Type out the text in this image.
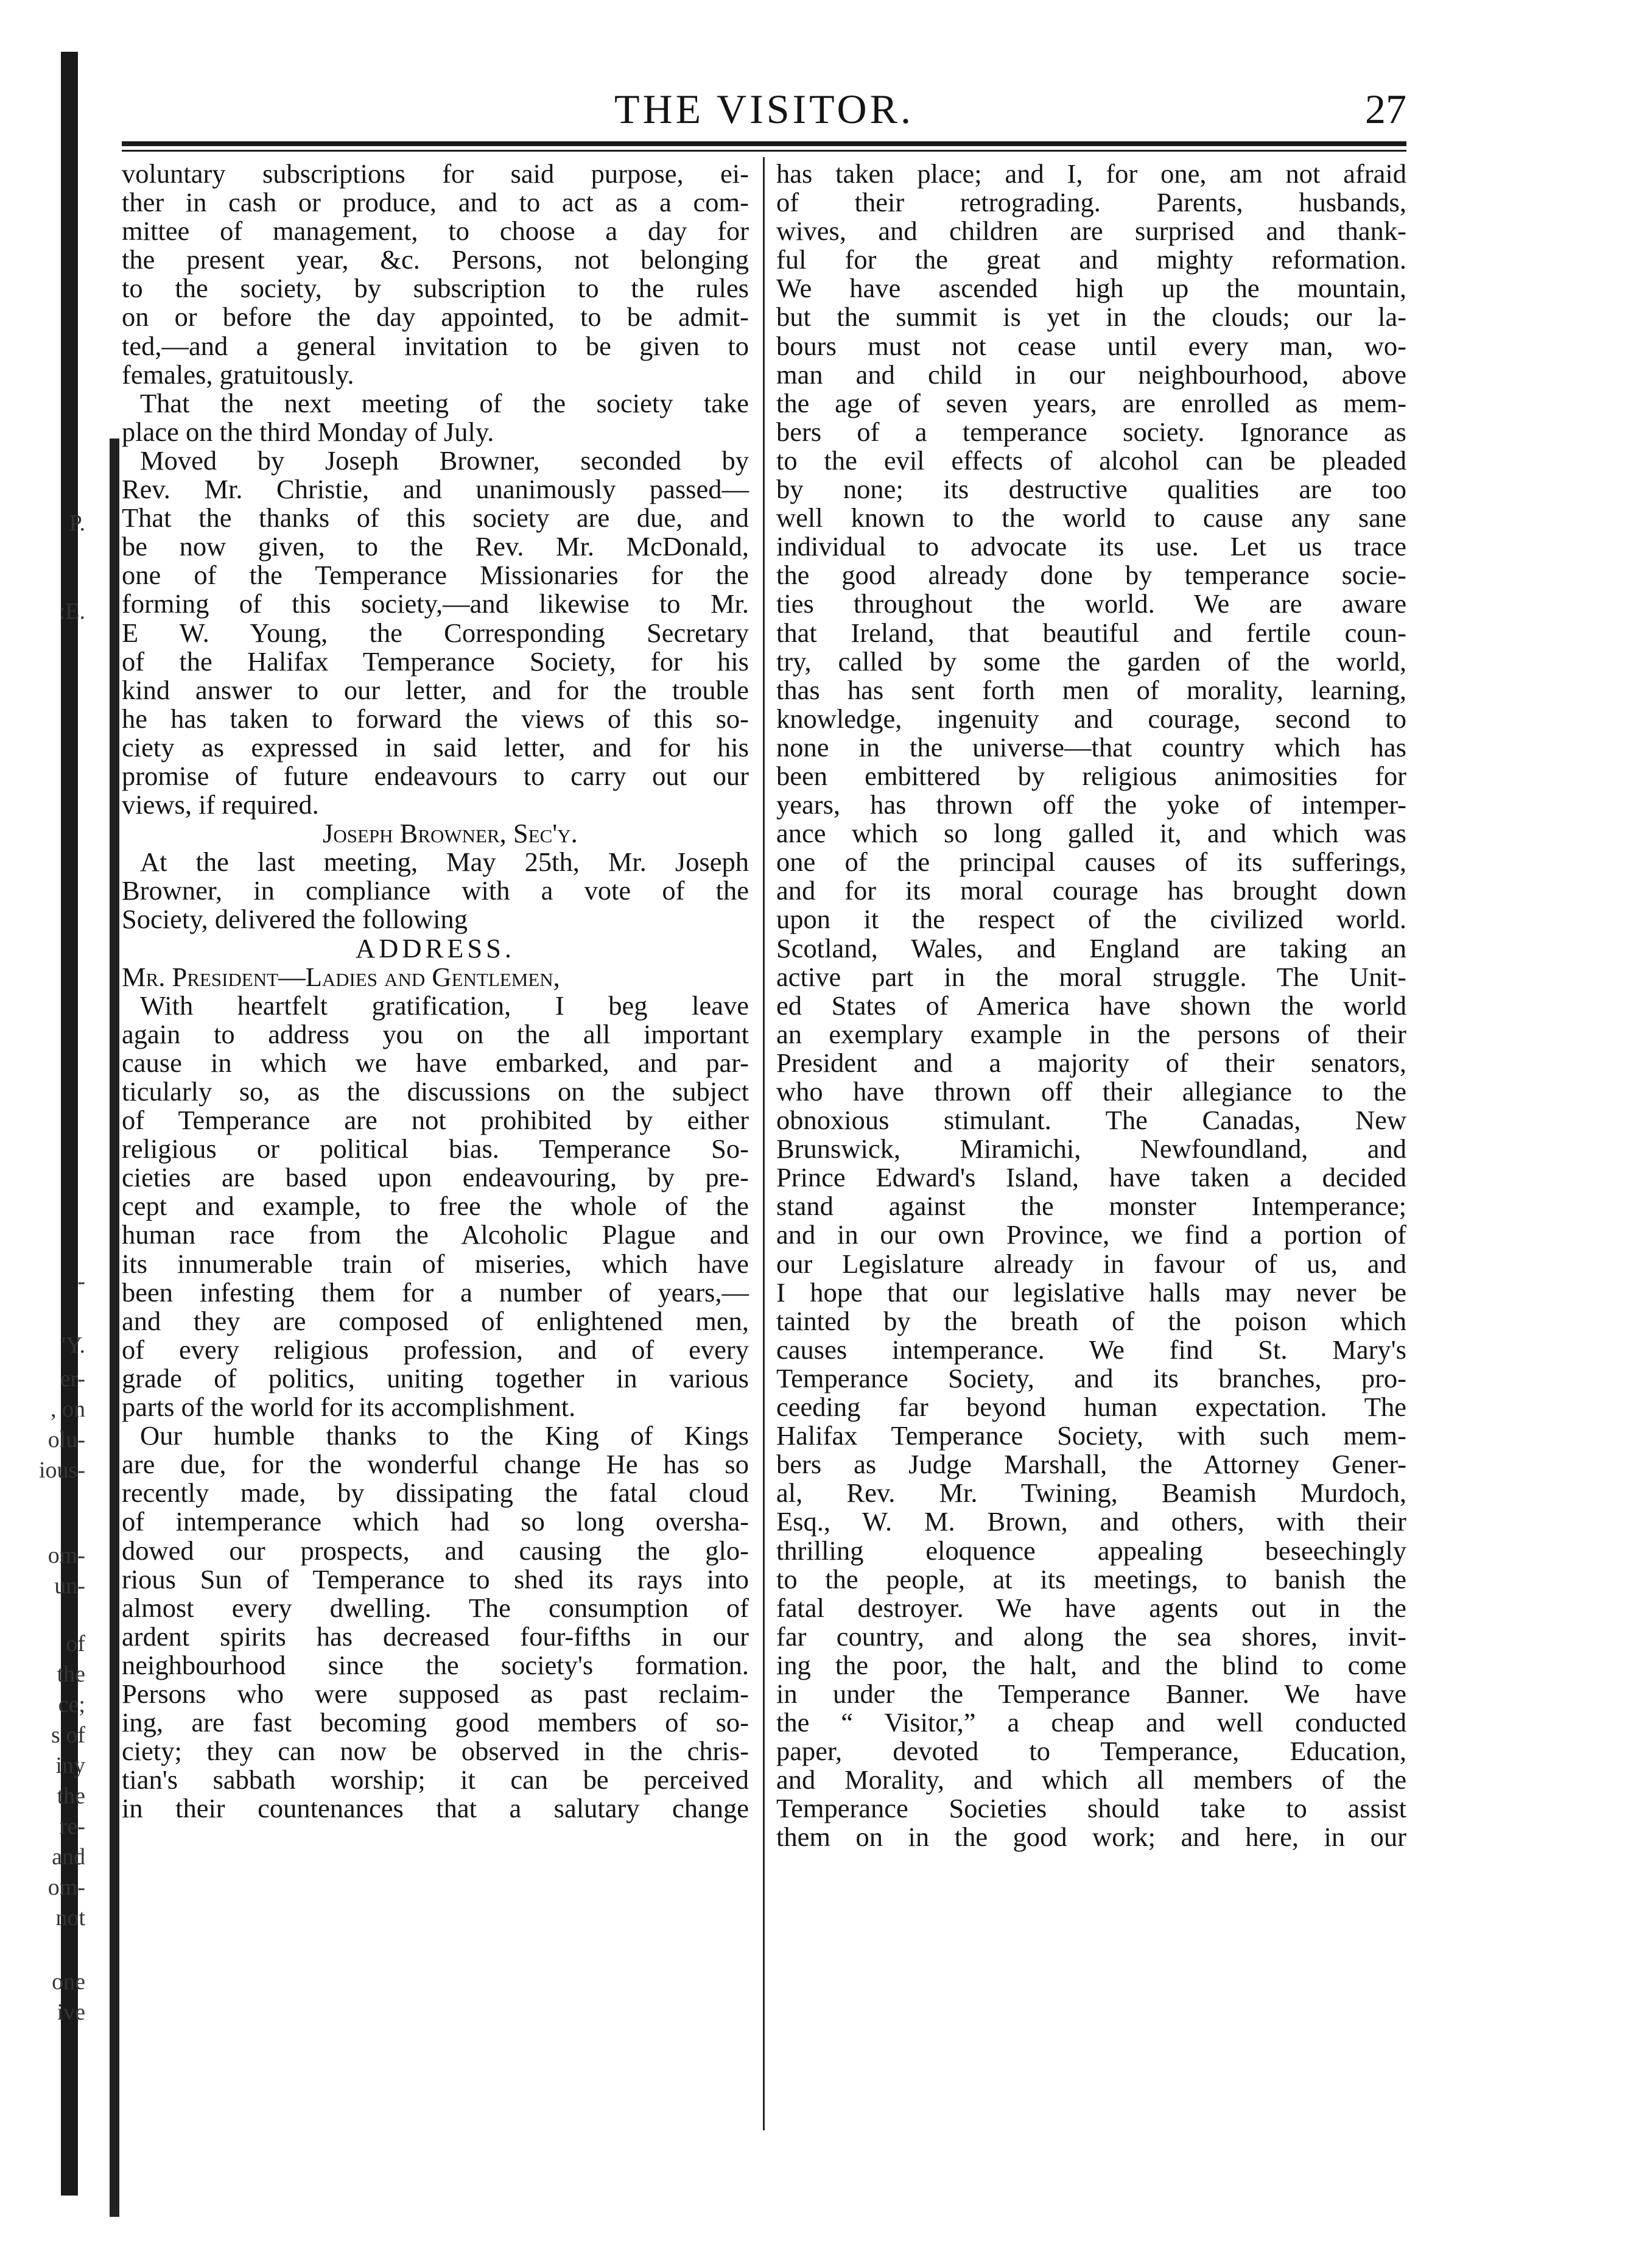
P.
:E.
-
'Y.
er-
, on
olu-
ious-
om-
un-
of
the
ce;
s of
iny
the
re-
and
om-
not
one
ive
THE VISITOR.	27
voluntary subscriptions for said purpose, ei-
ther in cash or produce, and to act as a com-
mittee of management, to choose a day for
the present year, &c. Persons, not belonging
to the society, by subscription to the rules
on or before the day appointed, to be admit-
ted,—and a general invitation to be given to
females, gratuitously.
That the next meeting of the society take
place on the third Monday of July.
Moved by Joseph Browner, seconded by
Rev. Mr. Christie, and unanimously passed—
That the thanks of this society are due, and
be now given, to the Rev. Mr. McDonald,
one of the Temperance Missionaries for the
forming of this society,—and likewise to Mr.
E W. Young, the Corresponding Secretary
of the Halifax Temperance Society, for his
kind answer to our letter, and for the trouble
he has taken to forward the views of this so-
ciety as expressed in said letter, and for his
promise of future endeavours to carry out our
views, if required.
Joseph Browner, Sec'y.
At the last meeting, May 25th, Mr. Joseph
Browner, in compliance with a vote of the
Society, delivered the following
ADDRESS.
Mr. President—Ladies and Gentlemen,
With heartfelt gratification, I beg leave
again to address you on the all important
cause in which we have embarked, and par-
ticularly so, as the discussions on the subject
of Temperance are not prohibited by either
religious or political bias. Temperance So-
cieties are based upon endeavouring, by pre-
cept and example, to free the whole of the
human race from the Alcoholic Plague and
its innumerable train of miseries, which have
been infesting them for a number of years,—
and they are composed of enlightened men,
of every religious profession, and of every
grade of politics, uniting together in various
parts of the world for its accomplishment.
Our humble thanks to the King of Kings
are due, for the wonderful change He has so
recently made, by dissipating the fatal cloud
of intemperance which had so long oversha-
dowed our prospects, and causing the glo-
rious Sun of Temperance to shed its rays into
almost every dwelling. The consumption of
ardent spirits has decreased four-fifths in our
neighbourhood since the society's formation.
Persons who were supposed as past reclaim-
ing, are fast becoming good members of so-
ciety; they can now be observed in the chris-
tian's sabbath worship; it can be perceived
in their countenances that a salutary change
has taken place; and I, for one, am not afraid
of their retrograding. Parents, husbands,
wives, and children are surprised and thank-
ful for the great and mighty reformation.
We have ascended high up the mountain,
but the summit is yet in the clouds; our la-
bours must not cease until every man, wo-
man and child in our neighbourhood, above
the age of seven years, are enrolled as mem-
bers of a temperance society. Ignorance as
to the evil effects of alcohol can be pleaded
by none; its destructive qualities are too
well known to the world to cause any sane
individual to advocate its use. Let us trace
the good already done by temperance socie-
ties throughout the world. We are aware
that Ireland, that beautiful and fertile coun-
try, called by some the garden of the world,
thas has sent forth men of morality, learning,
knowledge, ingenuity and courage, second to
none in the universe—that country which has
been embittered by religious animosities for
years, has thrown off the yoke of intemper-
ance which so long galled it, and which was
one of the principal causes of its sufferings,
and for its moral courage has brought down
upon it the respect of the civilized world.
Scotland, Wales, and England are taking an
active part in the moral struggle. The Unit-
ed States of America have shown the world
an exemplary example in the persons of their
President and a majority of their senators,
who have thrown off their allegiance to the
obnoxious stimulant. The Canadas, New
Brunswick, Miramichi, Newfoundland, and
Prince Edward's Island, have taken a decided
stand against the monster Intemperance;
and in our own Province, we find a portion of
our Legislature already in favour of us, and
I hope that our legislative halls may never be
tainted by the breath of the poison which
causes intemperance. We find St. Mary's
Temperance Society, and its branches, pro-
ceeding far beyond human expectation. The
Halifax Temperance Society, with such mem-
bers as Judge Marshall, the Attorney Gener-
al, Rev. Mr. Twining, Beamish Murdoch,
Esq., W. M. Brown, and others, with their
thrilling eloquence appealing beseechingly
to the people, at its meetings, to banish the
fatal destroyer. We have agents out in the
far country, and along the sea shores, invit-
ing the poor, the halt, and the blind to come
in under the Temperance Banner. We have
the “ Visitor,” a cheap and well conducted
paper, devoted to Temperance, Education,
and Morality, and which all members of the
Temperance Societies should take to assist
them on in the good work; and here, in our
